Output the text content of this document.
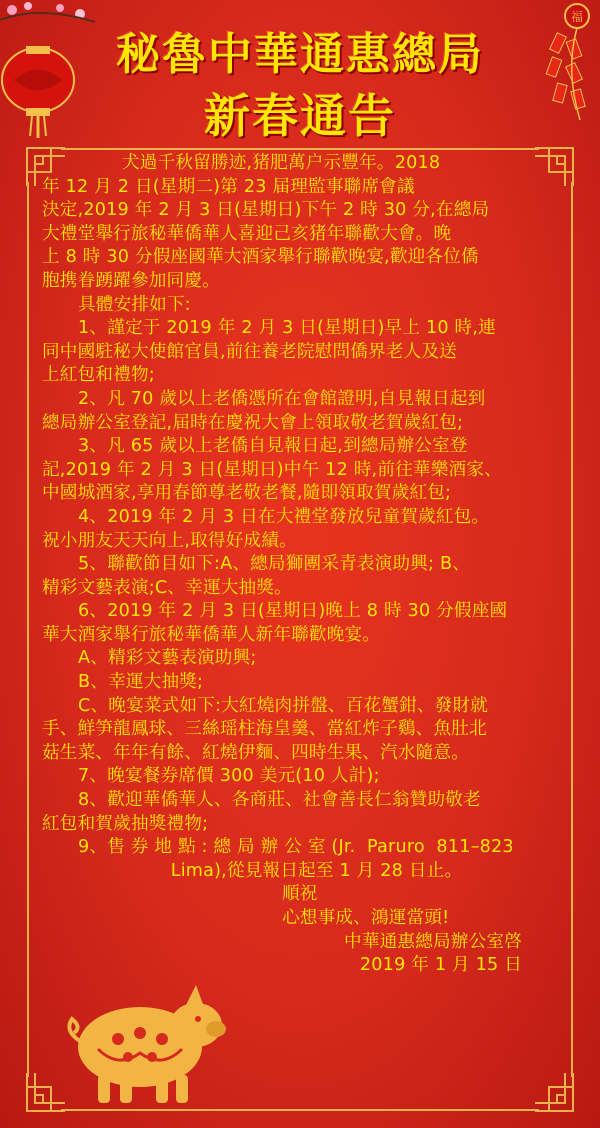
福
秘魯中華通惠總局
新春通告

犬過千秋留勝迹,猪肥萬户示豐年。2018

年 12 月 2 日(星期二)第 23 届理監事聯席會議

決定,2019 年 2 月 3 日(星期日)下午 2 時 30 分,在總局

大禮堂舉行旅秘華僑華人喜迎己亥猪年聯歡大會。晚

上 8 時 30 分假座國華大酒家舉行聯歡晚宴,歡迎各位僑

胞携眷踴躍參加同慶。

具體安排如下:

1、謹定于 2019 年 2 月 3 日(星期日)早上 10 時,連

同中國駐秘大使館官員,前往養老院慰問僑界老人及送

上紅包和禮物;

2、凡 70 歲以上老僑憑所在會館證明,自見報日起到

總局辦公室登記,届時在慶祝大會上領取敬老賀歲紅包;

3、凡 65 歲以上老僑自見報日起,到總局辦公室登

記,2019 年 2 月 3 日(星期日)中午 12 時,前往華樂酒家、

中國城酒家,享用春節尊老敬老餐,隨即領取賀歲紅包;

4、2019 年 2 月 3 日在大禮堂發放兒童賀歲紅包。

祝小朋友天天向上,取得好成績。

5、聯歡節目如下:A、總局獅團采青表演助興; B、

精彩文藝表演;C、幸運大抽獎。

6、2019 年 2 月 3 日(星期日)晚上 8 時 30 分假座國

華大酒家舉行旅秘華僑華人新年聯歡晚宴。

A、精彩文藝表演助興;

B、幸運大抽獎;

C、晚宴菜式如下:大紅燒肉拼盤、百花蟹鉗、發財就

手、鮮笋龍鳳球、三絲瑶柱海皇羹、當紅炸子鷄、魚肚北

菇生菜、年年有餘、紅燒伊麵、四時生果、汽水隨意。

7、晚宴餐券席價 300 美元(10 人計);

8、歡迎華僑華人、各商莊、社會善長仁翁贊助敬老

紅包和賀歲抽獎禮物;

9、售 券 地 點 : 總 局 辦 公 室 (Jr.  Paruro  811–823

Lima),從見報日起至 1 月 28 日止。

順祝

心想事成、鴻運當頭!

中華通惠總局辦公室啓

2019 年 1 月 15 日
